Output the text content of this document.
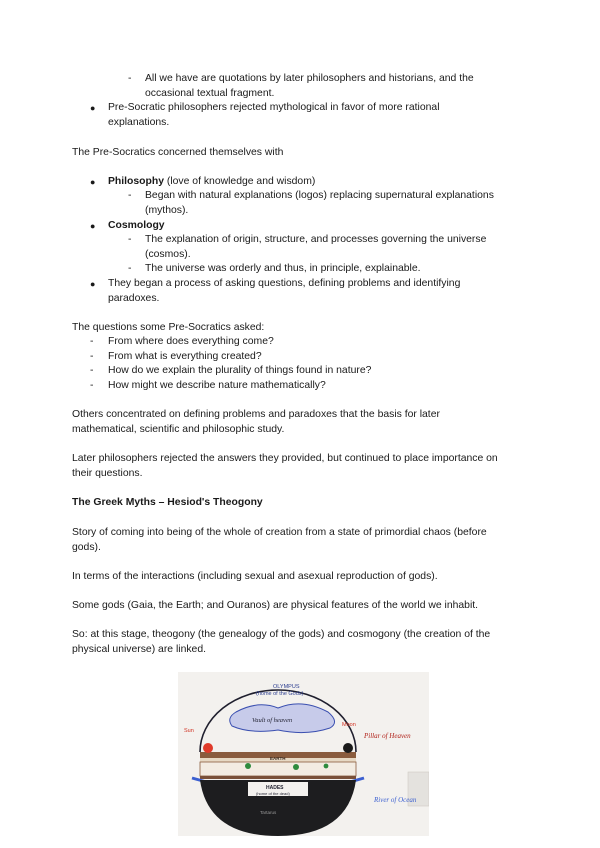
- All we have are quotations by later philosophers and historians, and the
occasional textual fragment.
● Pre-Socratic philosophers rejected mythological in favor of more rational
explanations.
The Pre-Socratics concerned themselves with
● Philosophy (love of knowledge and wisdom)
- Began with natural explanations (logos) replacing supernatural explanations
(mythos).
● Cosmology
- The explanation of origin, structure, and processes governing the universe
(cosmos).
- The universe was orderly and thus, in principle, explainable.
● They began a process of asking questions, defining problems and identifying
paradoxes.
The questions some Pre-Socratics asked:
- From where does everything come?
- From what is everything created?
- How do we explain the plurality of things found in nature?
- How might we describe nature mathematically?
Others concentrated on defining problems and paradoxes that the basis for later
mathematical, scientific and philosophic study.
Later philosophers rejected the answers they provided, but continued to place importance on
their questions.
The Greek Myths – Hesiod's Theogony
Story of coming into being of the whole of creation from a state of primordial chaos (before
gods).
In terms of the interactions (including sexual and asexual reproduction of gods).
Some gods (Gaia, the Earth; and Ouranos) are physical features of the world we inhabit.
So: at this stage, theogony (the genealogy of the gods) and cosmogony (the creation of the
physical universe) are linked.
OLYMPUS
(home of the Gods)
Sun
Moon
Vault of heaven
Pillar of Heaven
EARTH
HADES
(home of the dead)
River of Ocean
Tartarus
